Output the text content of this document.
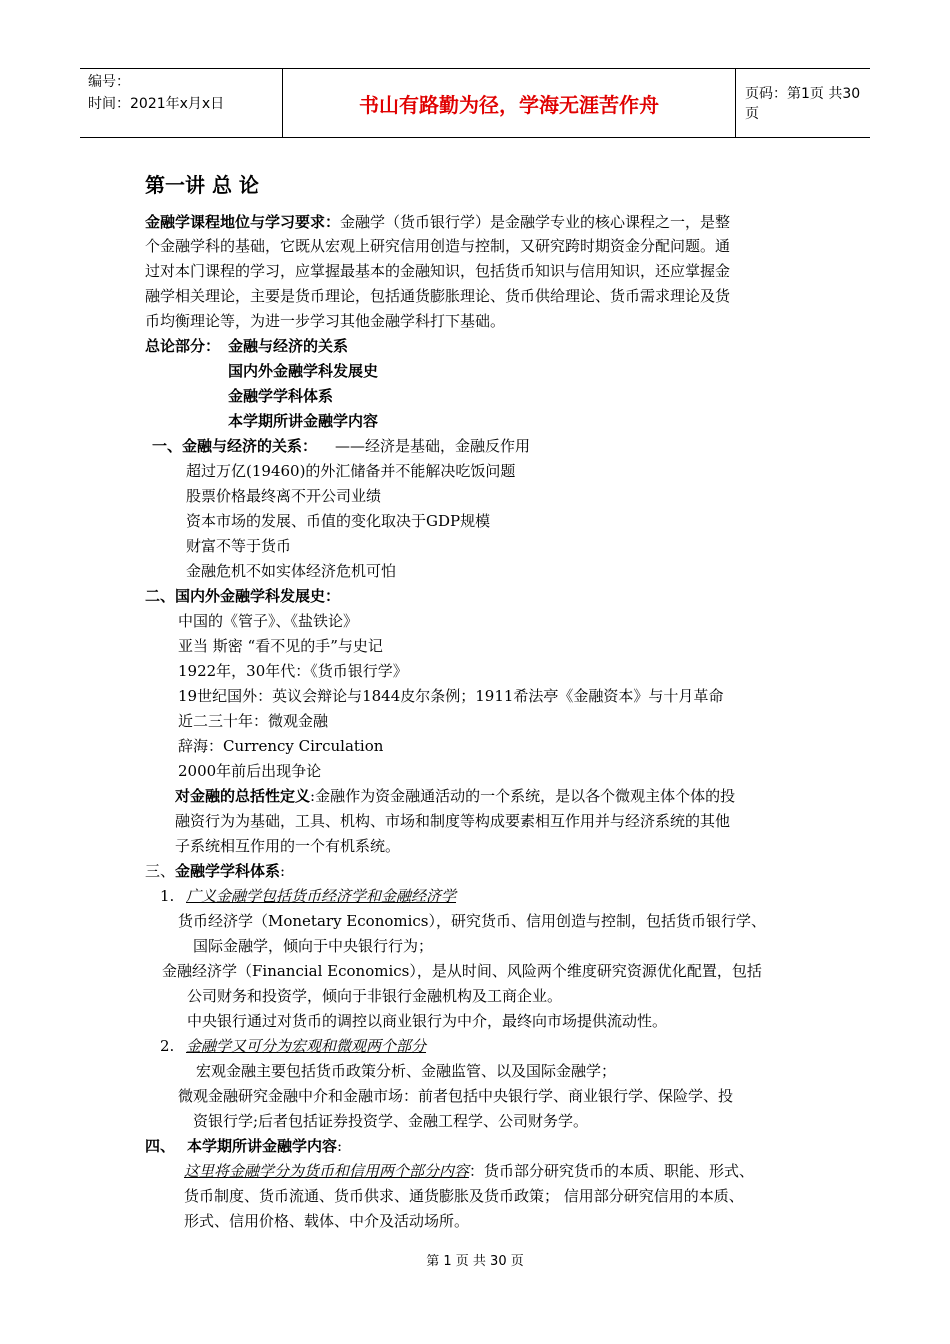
编号：
时间：2021年x月x日	书山有路勤为径，学海无涯苦作舟	页码：第1页 共30页
第一讲 总 论
金融学课程地位与学习要求：金融学（货币银行学）是金融学专业的核心课程之一，是整
个金融学科的基础，它既从宏观上研究信用创造与控制，又研究跨时期资金分配问题。通
过对本门课程的学习，应掌握最基本的金融知识，包括货币知识与信用知识，还应掌握金
融学相关理论，主要是货币理论，包括通货膨胀理论、货币供给理论、货币需求理论及货
币均衡理论等，为进一步学习其他金融学科打下基础。
总论部分： 金融与经济的关系
国内外金融学科发展史
金融学学科体系
本学期所讲金融学内容
一、金融与经济的关系： ——经济是基础，金融反作用
超过万亿(19460)的外汇储备并不能解决吃饭问题
股票价格最终离不开公司业绩
资本市场的发展、币值的变化取决于GDP规模
财富不等于货币
金融危机不如实体经济危机可怕
二、国内外金融学科发展史：
中国的《管子》、《盐铁论》
亚当 斯密 “看不见的手”与史记
1922年，30年代：《货币银行学》
19世纪国外：英议会辩论与1844皮尔条例；1911希法亭《金融资本》与十月革命
近二三十年：微观金融
辞海：Currency Circulation
2000年前后出现争论
对金融的总括性定义:金融作为资金融通活动的一个系统，是以各个微观主体个体的投
融资行为为基础，工具、机构、市场和制度等构成要素相互作用并与经济系统的其他
子系统相互作用的一个有机系统。
三、金融学学科体系:
1. 广义金融学包括货币经济学和金融经济学
货币经济学（Monetary Economics），研究货币、信用创造与控制，包括货币银行学、
国际金融学，倾向于中央银行行为；
金融经济学（Financial Economics），是从时间、风险两个维度研究资源优化配置，包括
公司财务和投资学，倾向于非银行金融机构及工商企业。
中央银行通过对货币的调控以商业银行为中介，最终向市场提供流动性。
2. 金融学又可分为宏观和微观两个部分
宏观金融主要包括货币政策分析、金融监管、以及国际金融学；
微观金融研究金融中介和金融市场：前者包括中央银行学、商业银行学、保险学、投
资银行学;后者包括证券投资学、金融工程学、公司财务学。
四、 本学期所讲金融学内容:
这里将金融学分为货币和信用两个部分内容：货币部分研究货币的本质、职能、形式、
货币制度、货币流通、货币供求、通货膨胀及货币政策； 信用部分研究信用的本质、
形式、信用价格、载体、中介及活动场所。
第 1 页 共 30 页
